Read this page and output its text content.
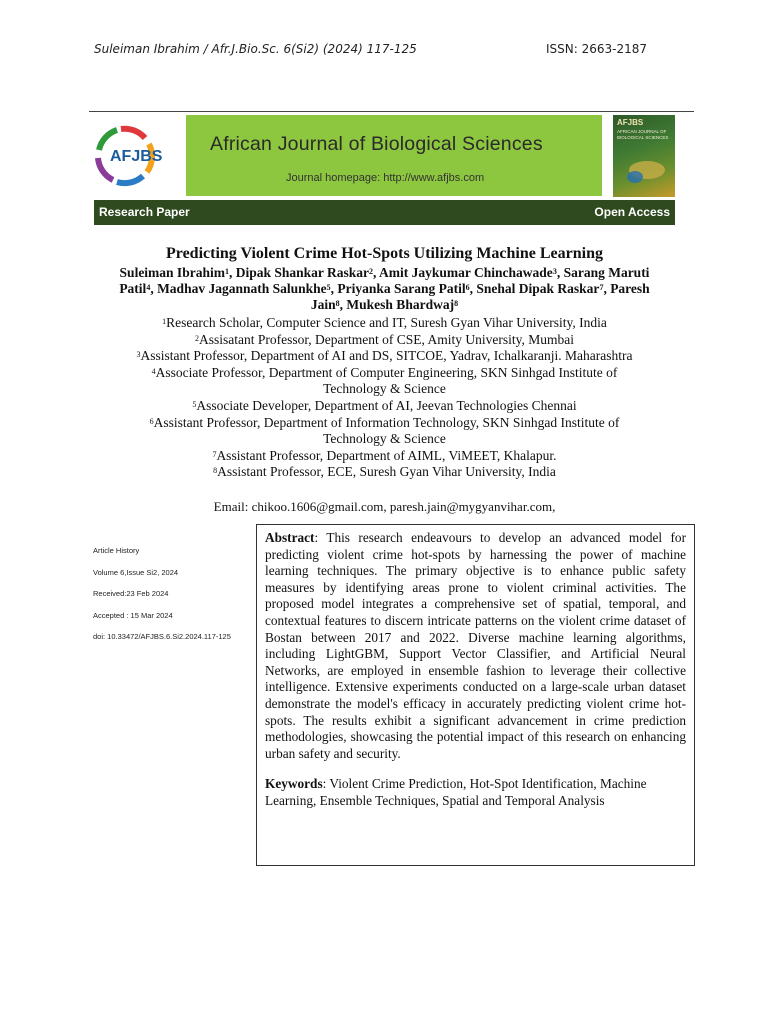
Suleiman Ibrahim / Afr.J.Bio.Sc. 6(Si2) (2024) 117-125	ISSN: 2663-2187
AFJBS
African Journal of Biological Sciences
Journal homepage: http://www.afjbs.com
AFJBS
AFRICAN JOURNAL OF BIOLOGICAL SCIENCES
Research Paper	Open Access
Predicting Violent Crime Hot-Spots Utilizing Machine Learning
Suleiman Ibrahim$^1$, Dipak Shankar Raskar$^2$, Amit Jaykumar Chinchawade$^3$, Sarang Maruti Patil$^4$, Madhav Jagannath Salunkhe$^5$, Priyanka Sarang Patil$^6$, Snehal Dipak Raskar$^7$, Paresh Jain$^8$, Mukesh Bhardwaj$^8$
$^1$Research Scholar, Computer Science and IT, Suresh Gyan Vihar University, India
$^2$Assisatant Professor, Department of CSE, Amity University, Mumbai
$^3$Assistant Professor, Department of AI and DS, SITCOE, Yadrav, Ichalkaranji. Maharashtra
$^4$Associate Professor, Department of Computer Engineering, SKN Sinhgad Institute of
Technology & Science
$^5$Associate Developer, Department of AI, Jeevan Technologies Chennai
$^6$Assistant Professor, Department of Information Technology, SKN Sinhgad Institute of
Technology & Science
$^7$Assistant Professor, Department of AIML, ViMEET, Khalapur.
$^8$Assistant Professor, ECE, Suresh Gyan Vihar University, India
Email: chikoo.1606@gmail.com, paresh.jain@mygyanvihar.com,
Article History
Volume 6,Issue Si2, 2024
Received:23 Feb 2024
Accepted : 15 Mar 2024
doi: 10.33472/AFJBS.6.Si2.2024.117-125
Abstract: This research endeavours to develop an advanced model for predicting violent crime hot-spots by harnessing the power of machine learning techniques. The primary objective is to enhance public safety measures by identifying areas prone to violent criminal activities. The proposed model integrates a comprehensive set of spatial, temporal, and contextual features to discern intricate patterns on the violent crime dataset of Bostan between 2017 and 2022. Diverse machine learning algorithms, including LightGBM, Support Vector Classifier, and Artificial Neural Networks, are employed in ensemble fashion to leverage their collective intelligence. Extensive experiments conducted on a large-scale urban dataset demonstrate the model's efficacy in accurately predicting violent crime hot-spots. The results exhibit a significant advancement in crime prediction methodologies, showcasing the potential impact of this research on enhancing urban safety and security.
Keywords: Violent Crime Prediction, Hot-Spot Identification, Machine Learning, Ensemble Techniques, Spatial and Temporal Analysis
